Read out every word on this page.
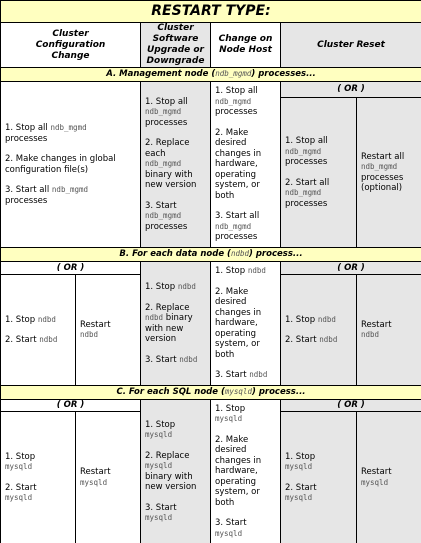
RESTART TYPE:
Cluster Configuration Change
Cluster Software Upgrade or Downgrade
Change on Node Host
Cluster Reset
A. Management node ( ndb_mgmd ) processes...
1. Stop all ndb_mgmd
processes
2. Make changes in global configuration file(s)
3. Start all ndb_mgmd
processes
1. Stop all
ndb_mgmd
processes
2. Replace each
ndb_mgmd
binary with new version
3. Start
ndb_mgmd
processes
1. Stop all
ndb_mgmd
processes
2. Make desired changes in hardware, operating system, or both
3. Start all
ndb_mgmd
processes
( OR )
1. Stop all
ndb_mgmd
processes
2. Start all
ndb_mgmd
processes
Restart all
ndb_mgmd
processes (optional)
B. For each data node ( ndbd ) process...
( OR )
1. Stop ndbd
2. Start ndbd
Restart
ndbd
1. Stop ndbd
2. Replace
ndbd binary with new version
3. Start ndbd
1. Stop ndbd
2. Make desired changes in hardware, operating system, or both
3. Start ndbd
( OR )
1. Stop ndbd
2. Start ndbd
Restart
ndbd
C. For each SQL node ( mysqld ) process...
( OR )
1. Stop
mysqld
2. Start
mysqld
Restart
mysqld
1. Stop
mysqld
2. Replace
mysqld
binary with new version
3. Start
mysqld
1. Stop
mysqld
2. Make desired changes in hardware, operating system, or both
3. Start
mysqld
( OR )
1. Stop
mysqld
2. Start
mysqld
Restart
mysqld
